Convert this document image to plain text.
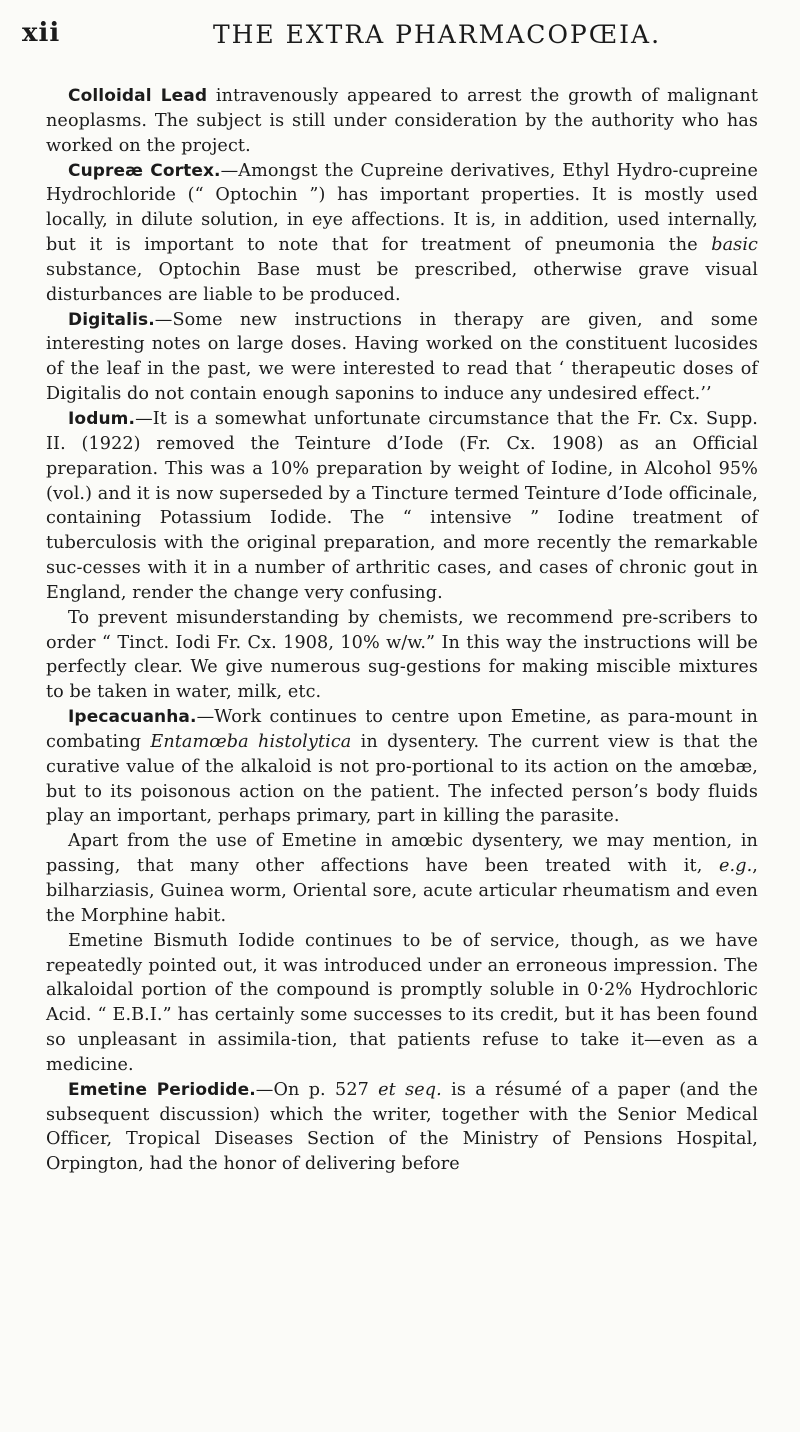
xii	THE EXTRA PHARMACOPŒIA.

Colloidal Lead intravenously appeared to arrest the growth of malignant neoplasms. The subject is still under consideration by the authority who has worked on the project.

Cupreæ Cortex.—Amongst the Cupreine derivatives, Ethyl Hydro-cupreine Hydrochloride (“ Optochin ”) has important properties. It is mostly used locally, in dilute solution, in eye affections. It is, in addition, used internally, but it is important to note that for treatment of pneumonia the basic substance, Optochin Base must be prescribed, otherwise grave visual disturbances are liable to be produced.

Digitalis.—Some new instructions in therapy are given, and some interesting notes on large doses. Having worked on the constituent lucosides of the leaf in the past, we were interested to read that ‘ therapeutic doses of Digitalis do not contain enough saponins to induce any undesired effect.’’

Iodum.—It is a somewhat unfortunate circumstance that the Fr. Cx. Supp. II. (1922) removed the Teinture d’Iode (Fr. Cx. 1908) as an Official preparation. This was a 10% preparation by weight of Iodine, in Alcohol 95% (vol.) and it is now superseded by a Tincture termed Teinture d’Iode officinale, containing Potassium Iodide. The “ intensive ” Iodine treatment of tuberculosis with the original preparation, and more recently the remarkable suc-cesses with it in a number of arthritic cases, and cases of chronic gout in England, render the change very confusing.

To prevent misunderstanding by chemists, we recommend pre-scribers to order “ Tinct. Iodi Fr. Cx. 1908, 10% w/w.” In this way the instructions will be perfectly clear. We give numerous sug-gestions for making miscible mixtures to be taken in water, milk, etc.

Ipecacuanha.—Work continues to centre upon Emetine, as para-mount in combating Entamœba histolytica in dysentery. The current view is that the curative value of the alkaloid is not pro-portional to its action on the amœbæ, but to its poisonous action on the patient. The infected person’s body fluids play an important, perhaps primary, part in killing the parasite.

Apart from the use of Emetine in amœbic dysentery, we may mention, in passing, that many other affections have been treated with it, e.g., bilharziasis, Guinea worm, Oriental sore, acute articular rheumatism and even the Morphine habit.

Emetine Bismuth Iodide continues to be of service, though, as we have repeatedly pointed out, it was introduced under an erroneous impression. The alkaloidal portion of the compound is promptly soluble in 0·2% Hydrochloric Acid. “ E.B.I.” has certainly some successes to its credit, but it has been found so unpleasant in assimila-tion, that patients refuse to take it—even as a medicine.

Emetine Periodide.—On p. 527 et seq. is a résumé of a paper (and the subsequent discussion) which the writer, together with the Senior Medical Officer, Tropical Diseases Section of the Ministry of Pensions Hospital, Orpington, had the honor of delivering before
